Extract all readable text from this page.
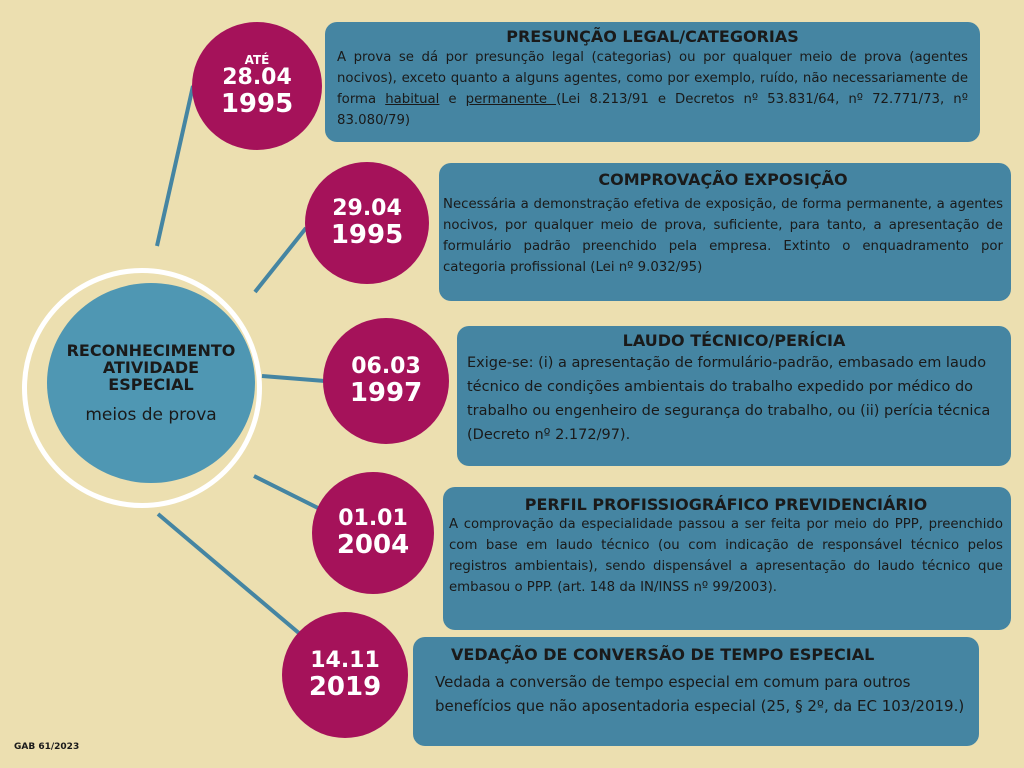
RECONHECIMENTO
ATIVIDADE
ESPECIAL
meios de prova
ATÉ
28.04
1995
PRESUNÇÃO LEGAL/CATEGORIAS
A prova se dá por presunção legal (categorias) ou por qualquer meio de prova (agentes nocivos), exceto quanto a alguns agentes, como por exemplo, ruído, não necessariamente de forma habitual e permanente (Lei 8.213/91 e Decretos nº 53.831/64, nº 72.771/73, nº 83.080/79)
29.04
1995
COMPROVAÇÃO EXPOSIÇÃO
Necessária a demonstração efetiva de exposição, de forma permanente, a agentes nocivos, por qualquer meio de prova, suficiente, para tanto, a apresentação de formulário padrão preenchido pela empresa. Extinto o enquadramento por categoria profissional (Lei nº 9.032/95)
06.03
1997
LAUDO TÉCNICO/PERÍCIA
Exige-se: (i) a apresentação de formulário-padrão, embasado em laudo técnico de condições ambientais do trabalho expedido por médico do trabalho ou engenheiro de segurança do trabalho, ou (ii) perícia técnica (Decreto nº 2.172/97).
01.01
2004
PERFIL PROFISSIOGRÁFICO PREVIDENCIÁRIO
A comprovação da especialidade passou a ser feita por meio do PPP, preenchido com base em laudo técnico (ou com indicação de responsável técnico pelos registros ambientais), sendo dispensável a apresentação do laudo técnico que embasou o PPP. (art. 148 da IN/INSS nº 99/2003).
14.11
2019
VEDAÇÃO DE CONVERSÃO DE TEMPO ESPECIAL
Vedada a conversão de tempo especial em comum para outros benefícios que não aposentadoria especial (25, § 2º, da EC 103/2019.)
GAB 61/2023
